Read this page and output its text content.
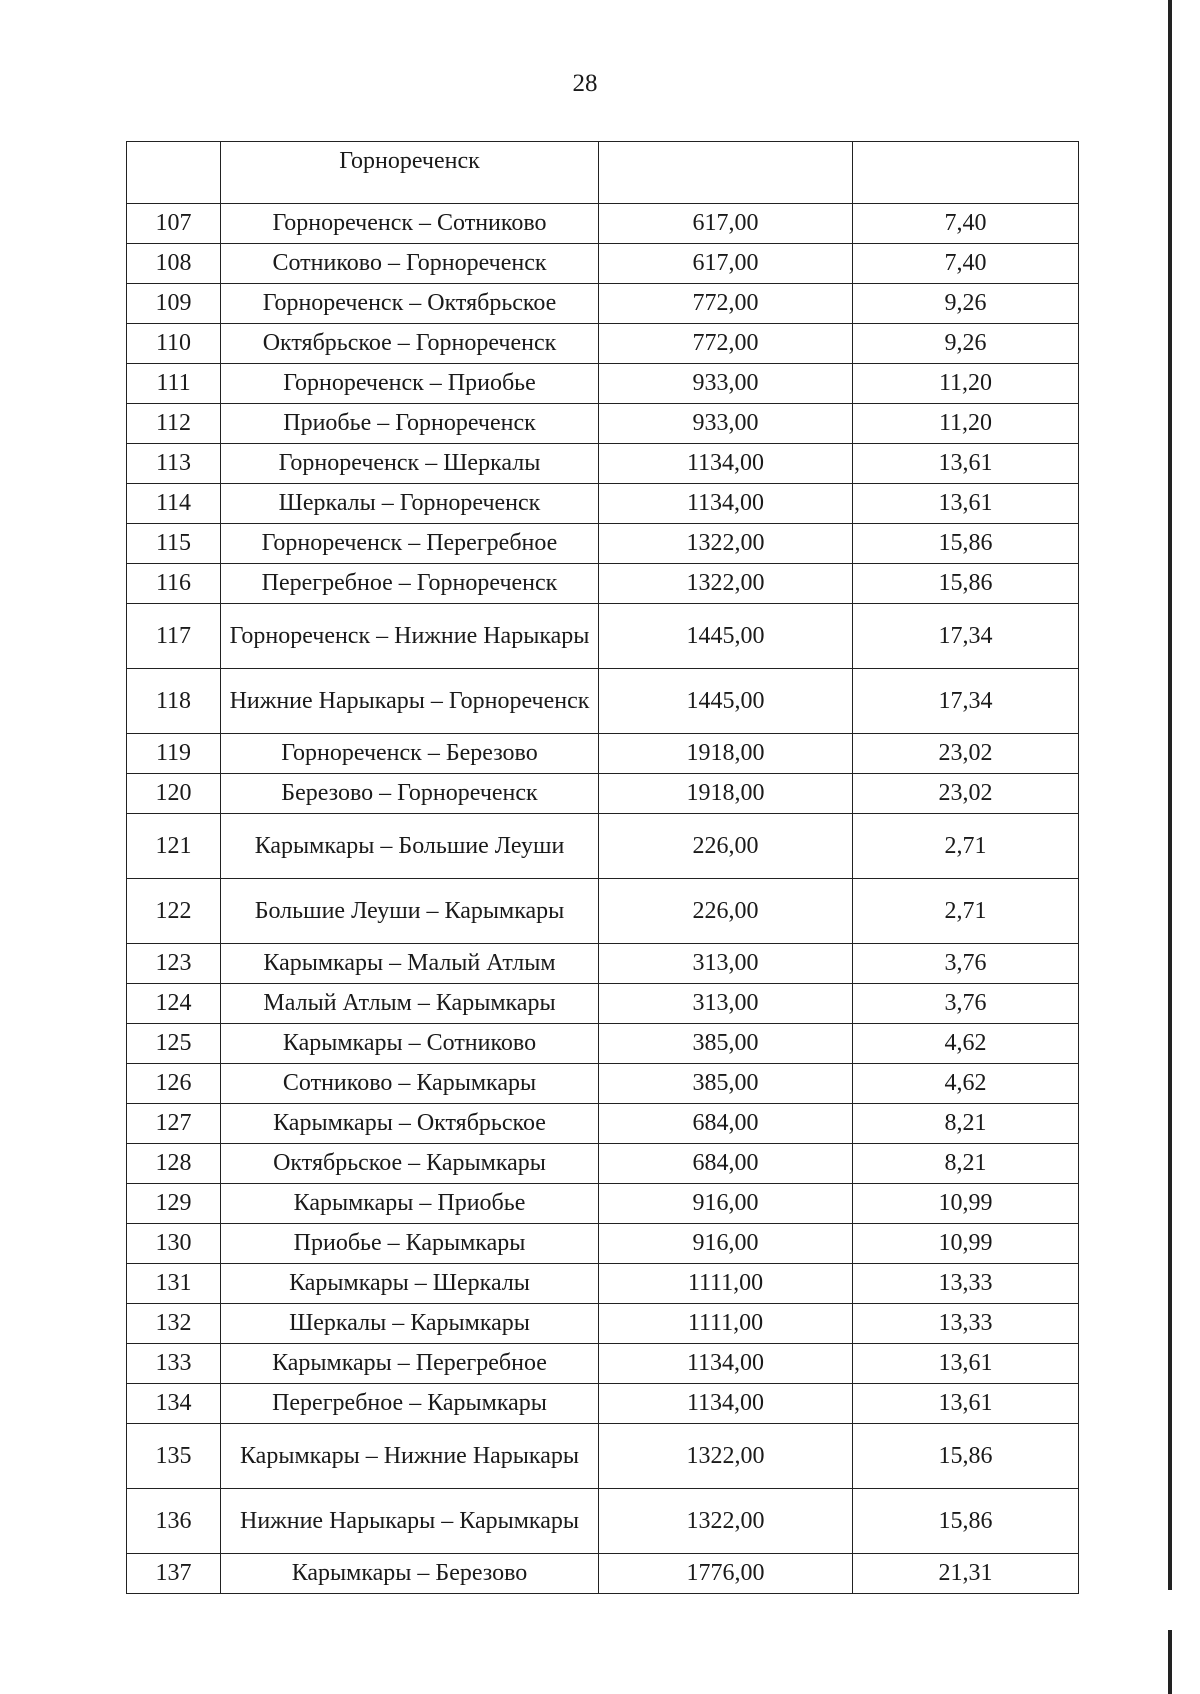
28
	Горнореченск		
107	Горнореченск – Сотниково	617,00	7,40
108	Сотниково – Горнореченск	617,00	7,40
109	Горнореченск – Октябрьское	772,00	9,26
110	Октябрьское – Горнореченск	772,00	9,26
111	Горнореченск – Приобье	933,00	11,20
112	Приобье – Горнореченск	933,00	11,20
113	Горнореченск – Шеркалы	1134,00	13,61
114	Шеркалы – Горнореченск	1134,00	13,61
115	Горнореченск – Перегребное	1322,00	15,86
116	Перегребное – Горнореченск	1322,00	15,86
117	Горнореченск – Нижние Нарыкары	1445,00	17,34
118	Нижние Нарыкары – Горнореченск	1445,00	17,34
119	Горнореченск – Березово	1918,00	23,02
120	Березово – Горнореченск	1918,00	23,02
121	Карымкары – Большие Леуши	226,00	2,71
122	Большие Леуши – Карымкары	226,00	2,71
123	Карымкары – Малый Атлым	313,00	3,76
124	Малый Атлым – Карымкары	313,00	3,76
125	Карымкары – Сотниково	385,00	4,62
126	Сотниково – Карымкары	385,00	4,62
127	Карымкары – Октябрьское	684,00	8,21
128	Октябрьское – Карымкары	684,00	8,21
129	Карымкары – Приобье	916,00	10,99
130	Приобье – Карымкары	916,00	10,99
131	Карымкары – Шеркалы	1111,00	13,33
132	Шеркалы – Карымкары	1111,00	13,33
133	Карымкары – Перегребное	1134,00	13,61
134	Перегребное – Карымкары	1134,00	13,61
135	Карымкары – Нижние Нарыкары	1322,00	15,86
136	Нижние Нарыкары – Карымкары	1322,00	15,86
137	Карымкары – Березово	1776,00	21,31
